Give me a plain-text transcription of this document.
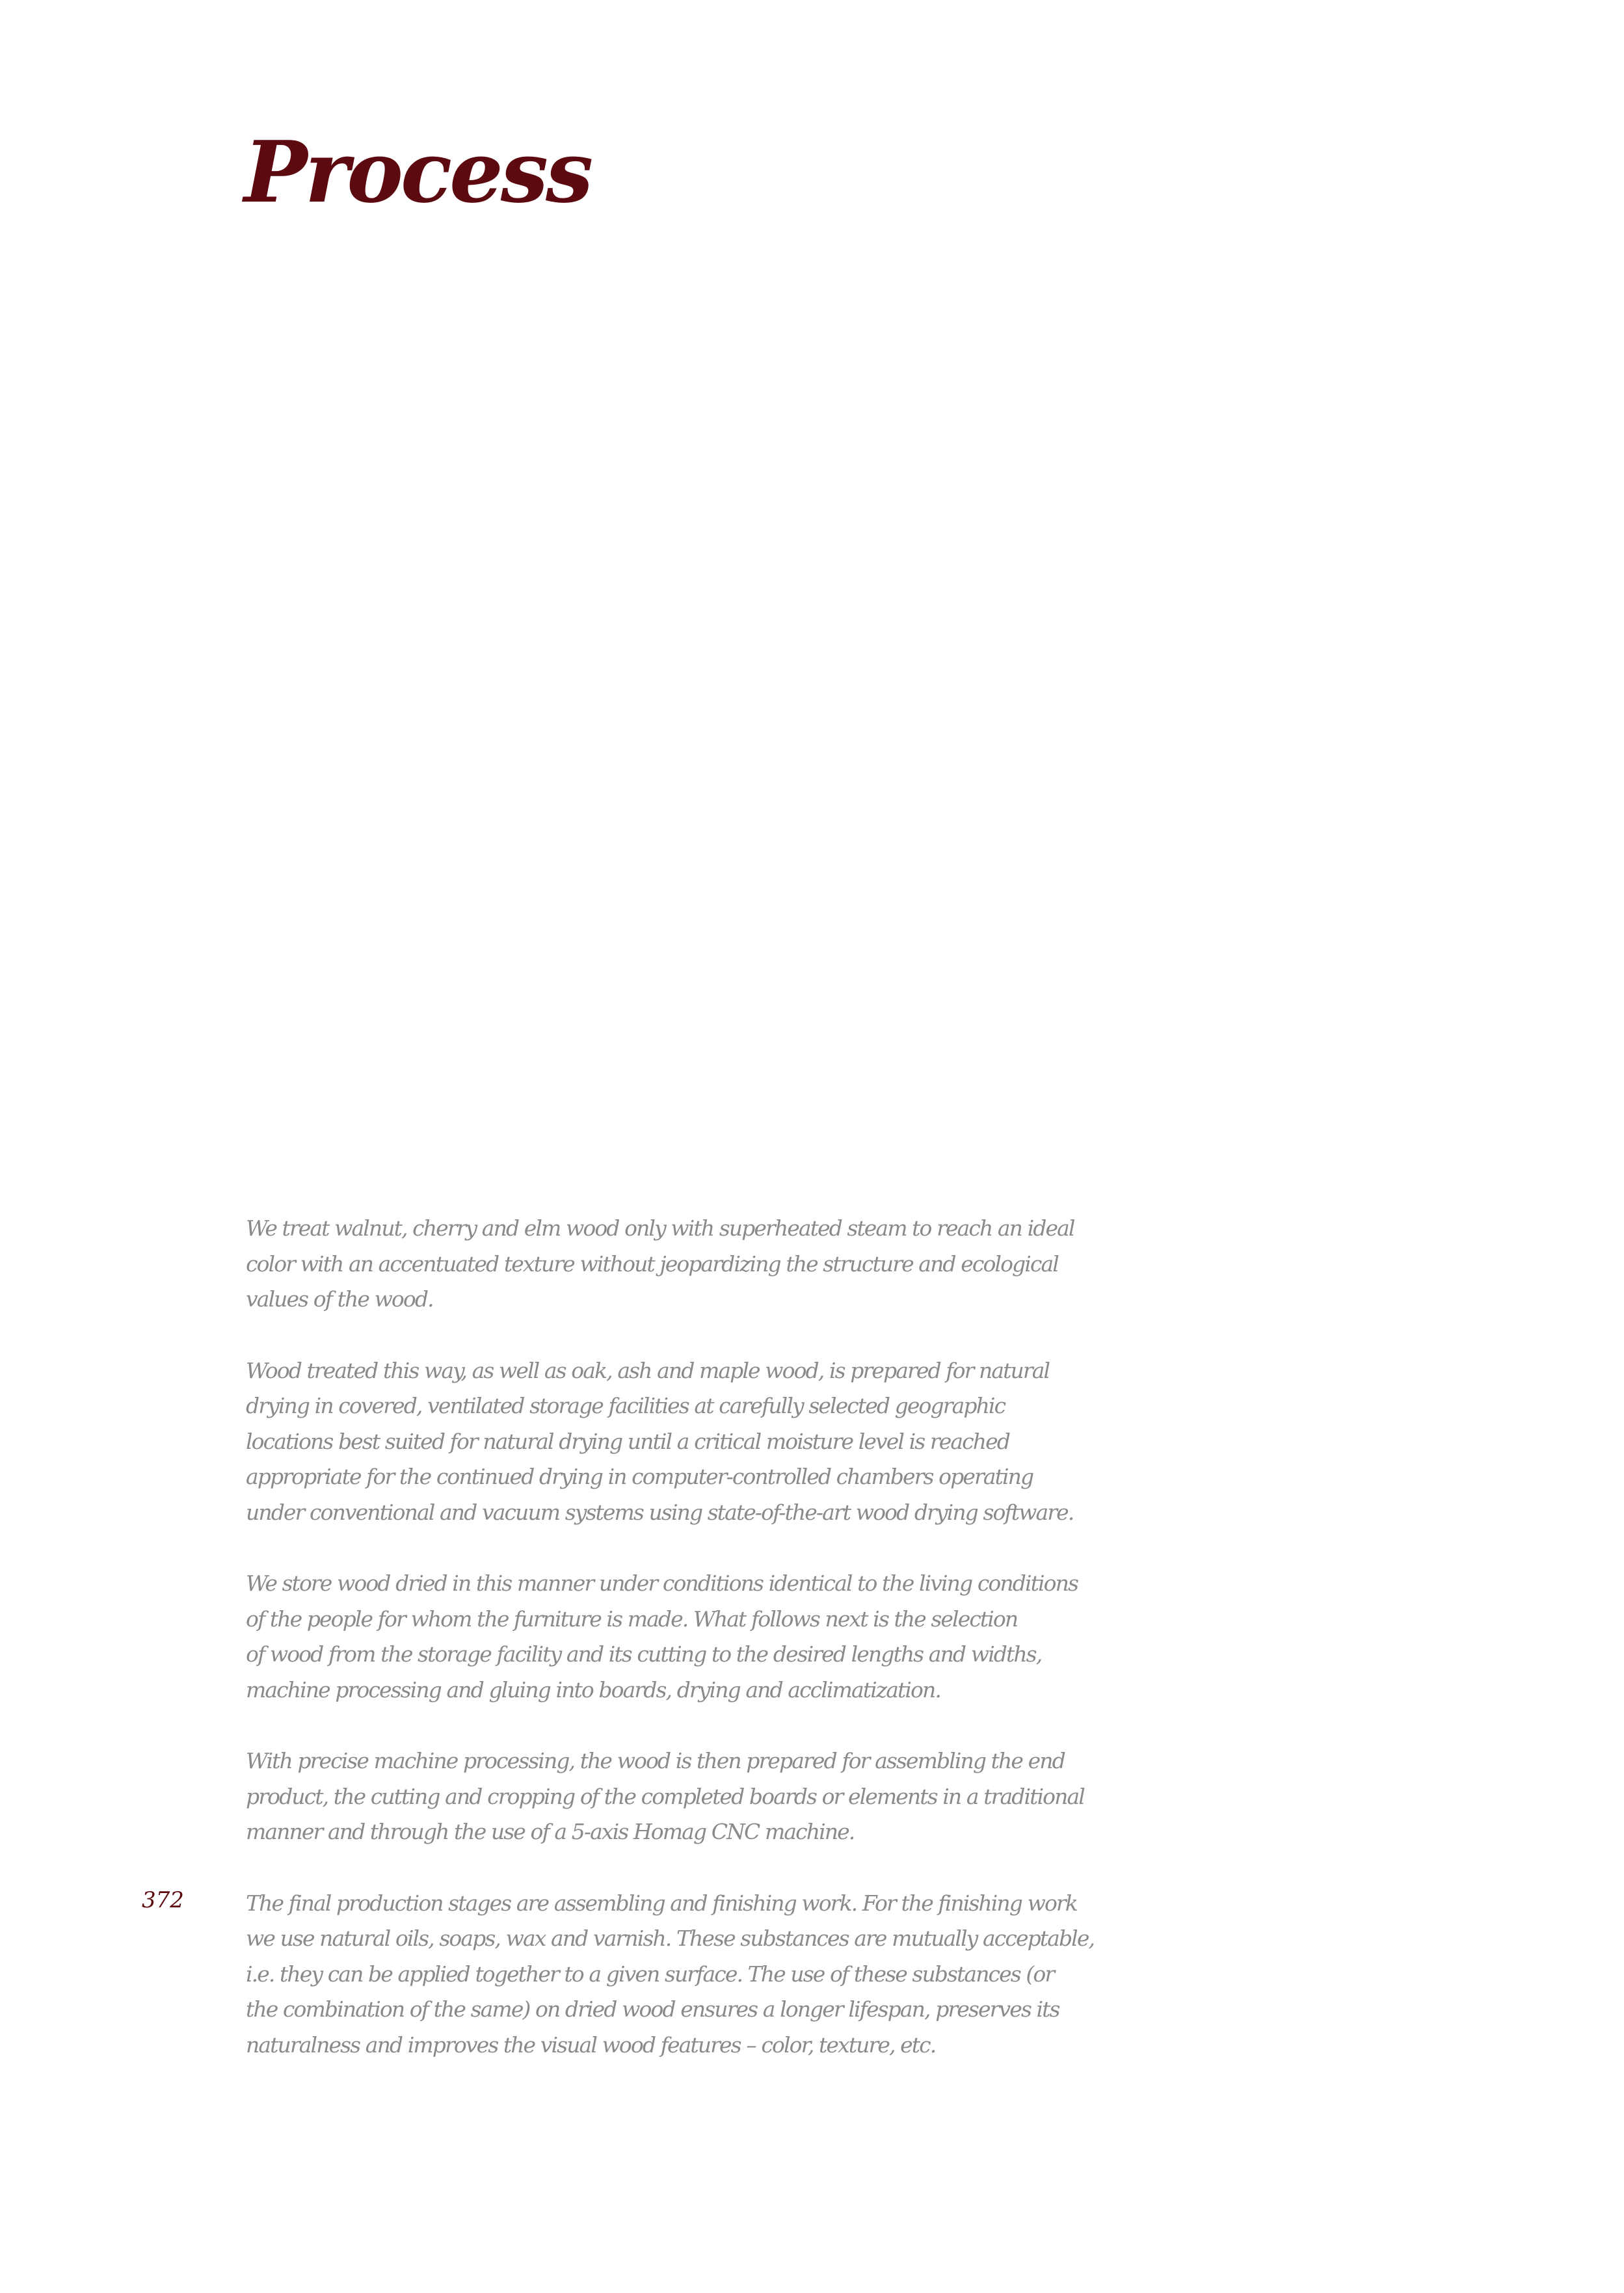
Process
372

We treat walnut, cherry and elm wood only with superheated steam to reach an ideal
color with an accentuated texture without jeopardizing the structure and ecological
values of the wood.

Wood treated this way, as well as oak, ash and maple wood, is prepared for natural
drying in covered, ventilated storage facilities at carefully selected geographic
locations best suited for natural drying until a critical moisture level is reached
appropriate for the continued drying in computer-controlled chambers operating
under conventional and vacuum systems using state-of-the-art wood drying software.

We store wood dried in this manner under conditions identical to the living conditions
of the people for whom the furniture is made. What follows next is the selection
of wood from the storage facility and its cutting to the desired lengths and widths,
machine processing and gluing into boards, drying and acclimatization.

With precise machine processing, the wood is then prepared for assembling the end
product, the cutting and cropping of the completed boards or elements in a traditional
manner and through the use of a 5-axis Homag CNC machine.

The final production stages are assembling and finishing work. For the finishing work
we use natural oils, soaps, wax and varnish. These substances are mutually acceptable,
i.e. they can be applied together to a given surface. The use of these substances (or
the combination of the same) on dried wood ensures a longer lifespan, preserves its
naturalness and improves the visual wood features – color, texture, etc.
